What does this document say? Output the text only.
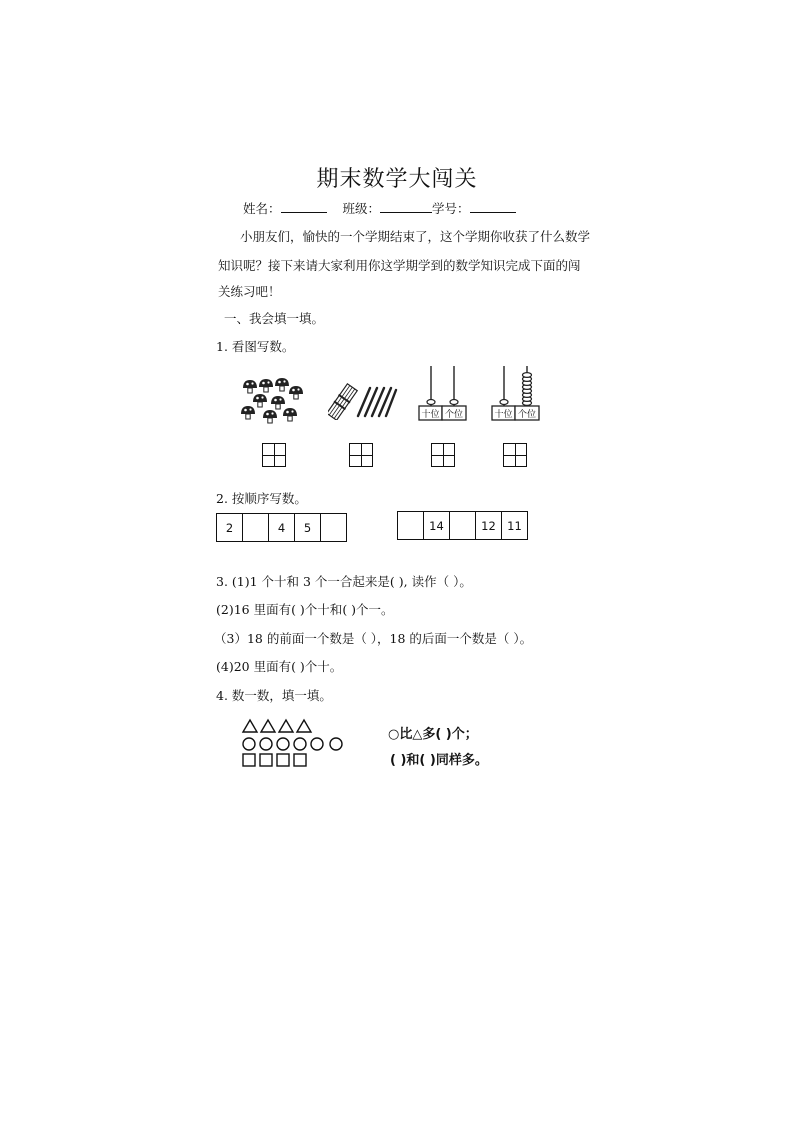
期末数学大闯关
姓名：	班级：	学号：
小朋友们，愉快的一个学期结束了，这个学期你收获了什么数学
知识呢？接下来请大家利用你这学期学到的数学知识完成下面的闯
关练习吧！
一、我会填一填。
1. 看图写数。
十位 个位	十位 个位
2. 按顺序写数。
2	4	5	14	12 11
3. (1)1 个十和 3 个一合起来是( ), 读作（ ）。
(2)16 里面有( )个十和( )个一。
（3）18 的前面一个数是（ ），18 的后面一个数是（ ）。
(4)20 里面有( )个十。
4. 数一数，填一填。
○比△多( )个；
( )和( )同样多。
